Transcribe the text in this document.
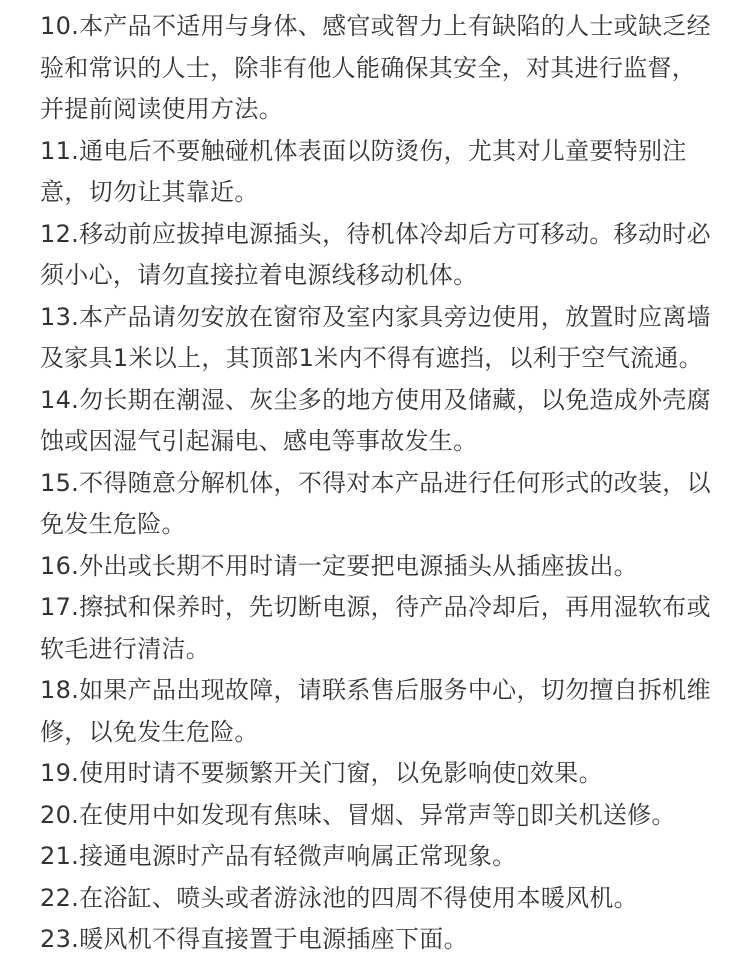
10.本产品不适用与身体、感官或智力上有缺陷的人士或缺乏经

验和常识的人士，除非有他人能确保其安全，对其进行监督，

并提前阅读使用方法。

11.通电后不要触碰机体表面以防烫伤，尤其对儿童要特别注

意，切勿让其靠近。

12.移动前应拔掉电源插头，待机体冷却后方可移动。移动时必

须小心，请勿直接拉着电源线移动机体。

13.本产品请勿安放在窗帘及室内家具旁边使用，放置时应离墙

及家具1米以上，其顶部1米内不得有遮挡，以利于空气流通。

14.勿长期在潮湿、灰尘多的地方使用及储藏，以免造成外壳腐

蚀或因湿气引起漏电、感电等事故发生。

15.不得随意分解机体，不得对本产品进行任何形式的改装，以

免发生危险。

16.外出或长期不用时请一定要把电源插头从插座拔出。

17.擦拭和保养时，先切断电源，待产品冷却后，再用湿软布或

软毛进行清洁。

18.如果产品出现故障，请联系售后服务中心，切勿擅自拆机维

修，以免发生危险。

19.使用时请不要频繁开关门窗，以免影响使▯效果。

20.在使用中如发现有焦味、冒烟、异常声等▯即关机送修。

21.接通电源时产品有轻微声响属正常现象。

22.在浴缸、喷头或者游泳池的四周不得使用本暖风机。

23.暖风机不得直接置于电源插座下面。
